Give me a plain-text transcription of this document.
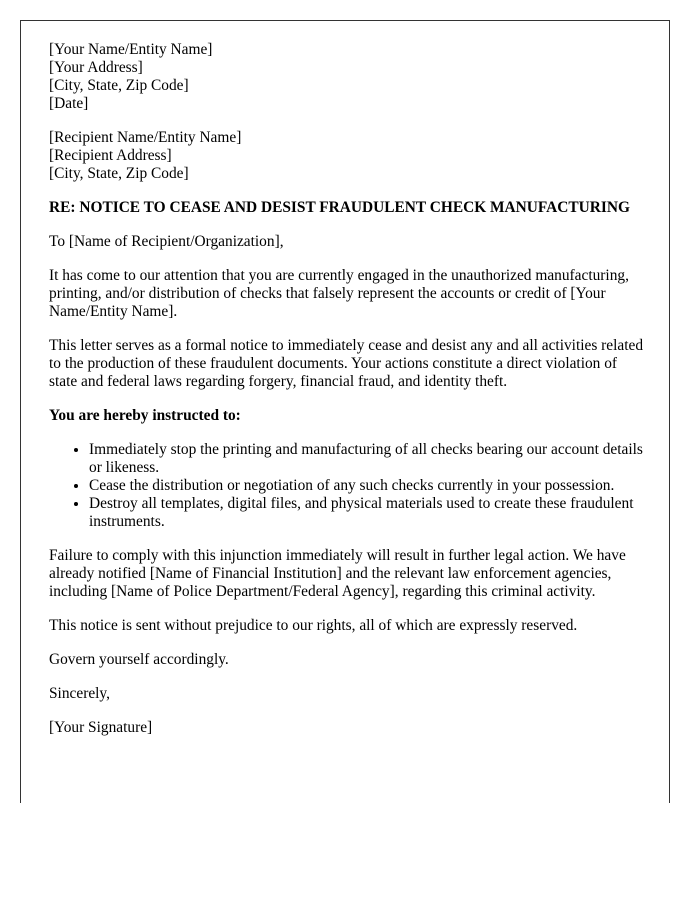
[Your Name/Entity Name]
[Your Address]
[City, State, Zip Code]
[Date]
[Recipient Name/Entity Name]
[Recipient Address]
[City, State, Zip Code]
RE: NOTICE TO CEASE AND DESIST FRAUDULENT CHECK MANUFACTURING

To [Name of Recipient/Organization],

It has come to our attention that you are currently engaged in the unauthorized manufacturing, printing, and/or distribution of checks that falsely represent the accounts or credit of [Your Name/Entity Name].

This letter serves as a formal notice to immediately cease and desist any and all activities related to the production of these fraudulent documents. Your actions constitute a direct violation of state and federal laws regarding forgery, financial fraud, and identity theft.

You are hereby instructed to:
• Immediately stop the printing and manufacturing of all checks bearing our account details or likeness.
• Cease the distribution or negotiation of any such checks currently in your possession.
• Destroy all templates, digital files, and physical materials used to create these fraudulent instruments.

Failure to comply with this injunction immediately will result in further legal action. We have already notified [Name of Financial Institution] and the relevant law enforcement agencies, including [Name of Police Department/Federal Agency], regarding this criminal activity.

This notice is sent without prejudice to our rights, all of which are expressly reserved.

Govern yourself accordingly.

Sincerely,

[Your Signature]
